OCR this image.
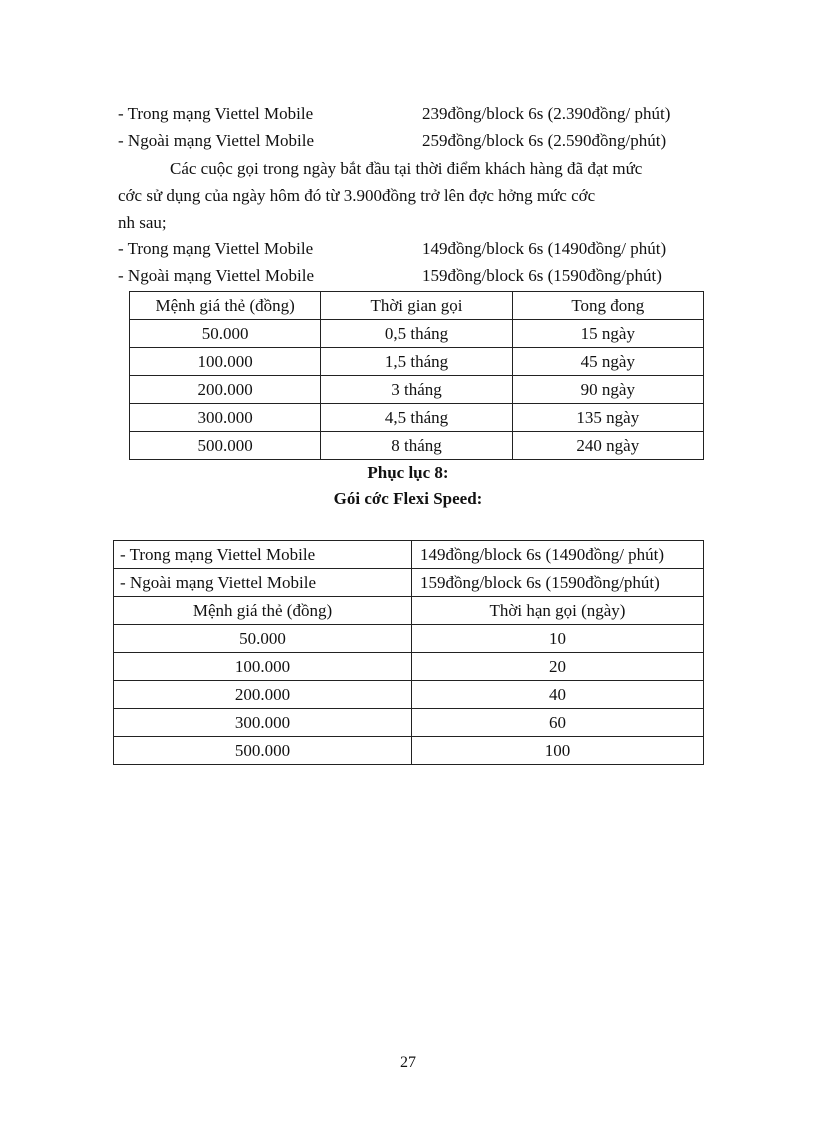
- Trong mạng Viettel Mobile	239đồng/block 6s (2.390đồng/ phút)
- Ngoài mạng Viettel Mobile	259đồng/block 6s (2.590đồng/phút)

Các cuộc gọi trong ngày bắt đầu tại thời điểm khách hàng đã đạt mức

cớc sử dụng của ngày hôm đó từ 3.900đồng trở lên đợc hởng mức cớc

nh sau;

- Trong mạng Viettel Mobile	149đồng/block 6s (1490đồng/ phút)
- Ngoài mạng Viettel Mobile	159đồng/block 6s (1590đồng/phút)
Mệnh giá thẻ (đồng)	Thời gian gọi	Tong đong
50.000	0,5 tháng	15 ngày
100.000	1,5 tháng	45 ngày
200.000	3 tháng	90 ngày
300.000	4,5 tháng	135 ngày
500.000	8 tháng	240 ngày
Phục lục 8:
Gói cớc Flexi Speed:
- Trong mạng Viettel Mobile	149đồng/block 6s (1490đồng/ phút)
- Ngoài mạng Viettel Mobile	159đồng/block 6s (1590đồng/phút)
Mệnh giá thẻ (đồng)	Thời hạn gọi (ngày)
50.000	10
100.000	20
200.000	40
300.000	60
500.000	100
27
